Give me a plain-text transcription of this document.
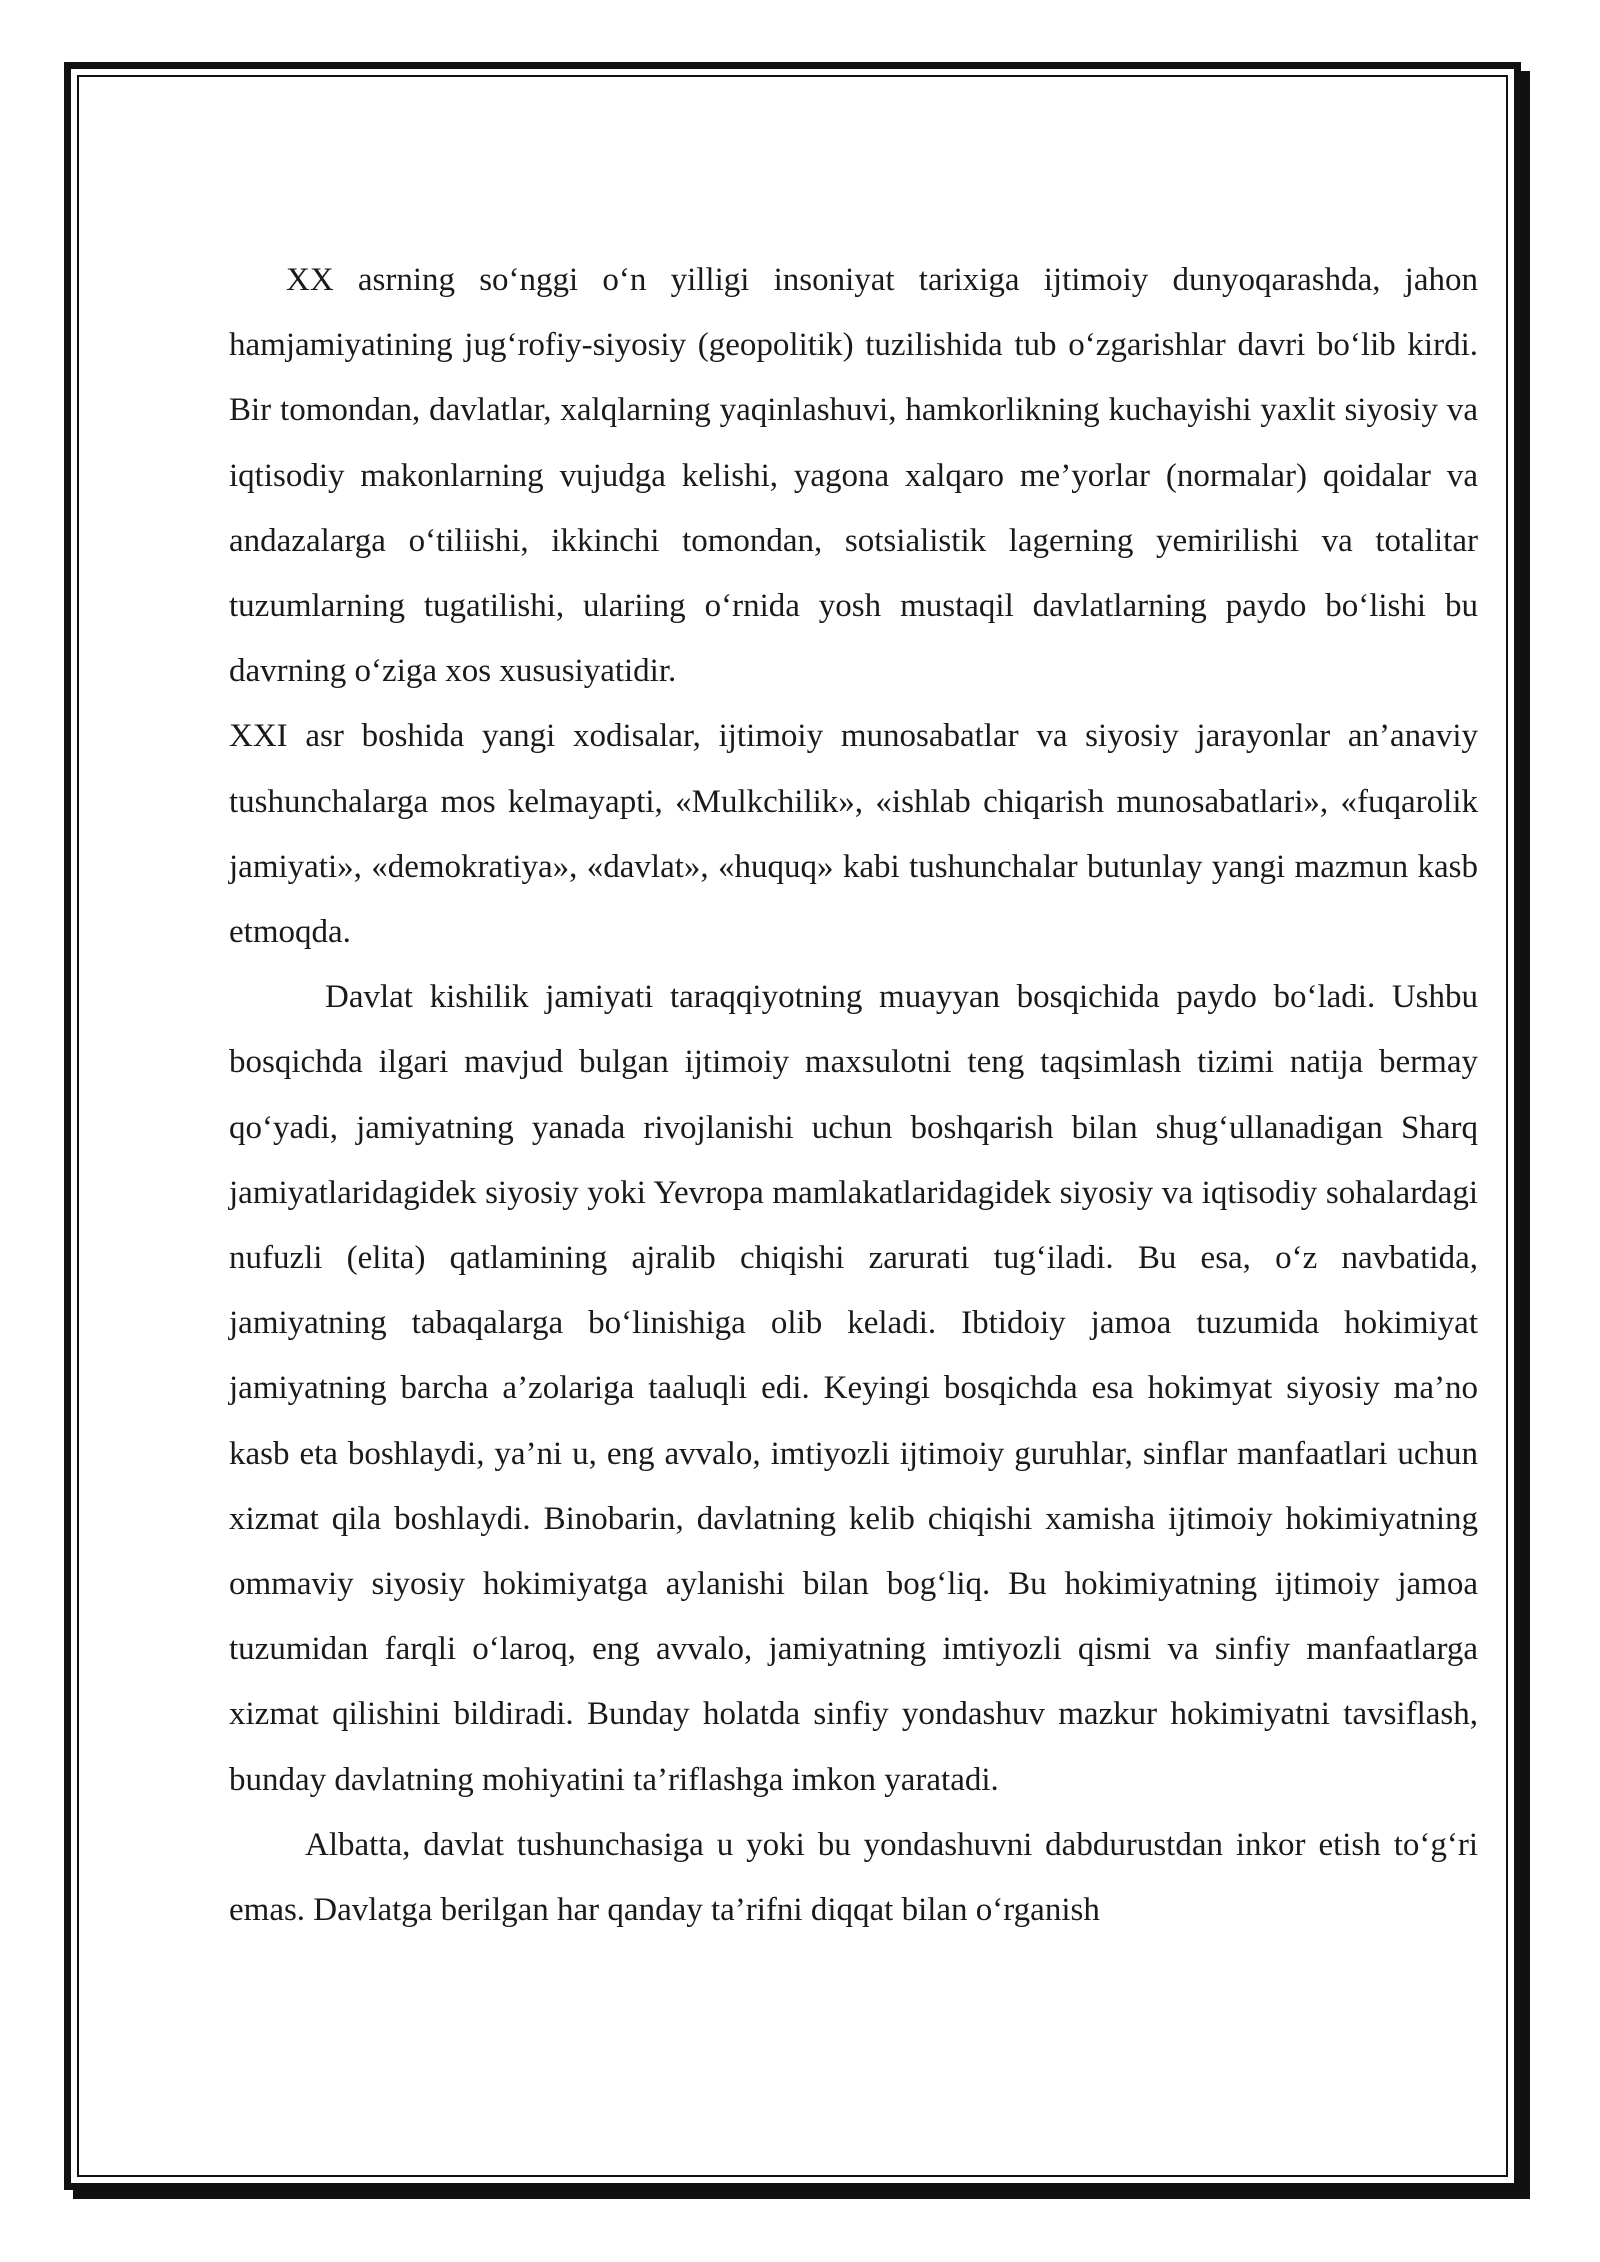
XX asrning so‘nggi o‘n yilligi insoniyat tarixiga ijtimoiy dunyoqarashda, jahon hamjamiyatining jug‘rofiy-siyosiy (geopolitik) tuzilishida tub o‘zgarishlar davri bo‘lib kirdi. Bir tomondan, davlatlar, xalqlarning yaqinlashuvi, hamkorlikning kuchayishi yaxlit siyosiy va iqtisodiy makonlarning vujudga kelishi, yagona xalqaro me’yorlar (normalar) qoidalar va andazalarga o‘tiliishi, ikkinchi tomondan, sotsialistik lagerning yemirilishi va totalitar tuzumlarning tugatilishi, ulariing o‘rnida yosh mustaqil davlatlarning paydo bo‘lishi bu davrning o‘ziga xos xususiyatidir.

XXI asr boshida yangi xodisalar, ijtimoiy munosabatlar va siyosiy jarayonlar an’anaviy tushunchalarga mos kelmayapti, «Mulkchilik», «ishlab chiqarish munosabatlari», «fuqarolik jamiyati», «demokratiya», «davlat», «huquq» kabi tushunchalar butunlay yangi mazmun kasb etmoqda.

Davlat kishilik jamiyati taraqqiyotning muayyan bosqichida paydo bo‘ladi. Ushbu bosqichda ilgari mavjud bulgan ijtimoiy maxsulotni teng taqsimlash tizimi natija bermay qo‘yadi, jamiyatning yanada rivojlanishi uchun boshqarish bilan shug‘ullanadigan Sharq jamiyatlaridagidek siyosiy yoki Yevropa mamlakatlaridagidek siyosiy va iqtisodiy sohalardagi nufuzli (elita) qatlamining ajralib chiqishi zarurati tug‘iladi. Bu esa, o‘z navbatida, jamiyatning tabaqalarga bo‘linishiga olib keladi. Ibtidoiy jamoa tuzumida hokimiyat jamiyatning barcha a’zolariga taaluqli edi. Keyingi bosqichda esa hokimyat siyosiy ma’no kasb eta boshlaydi, ya’ni u, eng avvalo, imtiyozli ijtimoiy guruhlar, sinflar manfaatlari uchun xizmat qila boshlaydi. Binobarin, davlatning kelib chiqishi xamisha ijtimoiy hokimiyatning ommaviy siyosiy hokimiyatga aylanishi bilan bog‘liq. Bu hokimiyatning ijtimoiy jamoa tuzumidan farqli o‘laroq, eng avvalo, jamiyatning imtiyozli qismi va sinfiy manfaatlarga xizmat qilishini bildiradi. Bunday holatda sinfiy yondashuv mazkur hokimiyatni tavsiflash, bunday davlatning mohiyatini ta’riflashga imkon yaratadi.

Albatta, davlat tushunchasiga u yoki bu yondashuvni dabdurustdan inkor etish to‘g‘ri emas. Davlatga berilgan har qanday ta’rifni diqqat bilan o‘rganish
